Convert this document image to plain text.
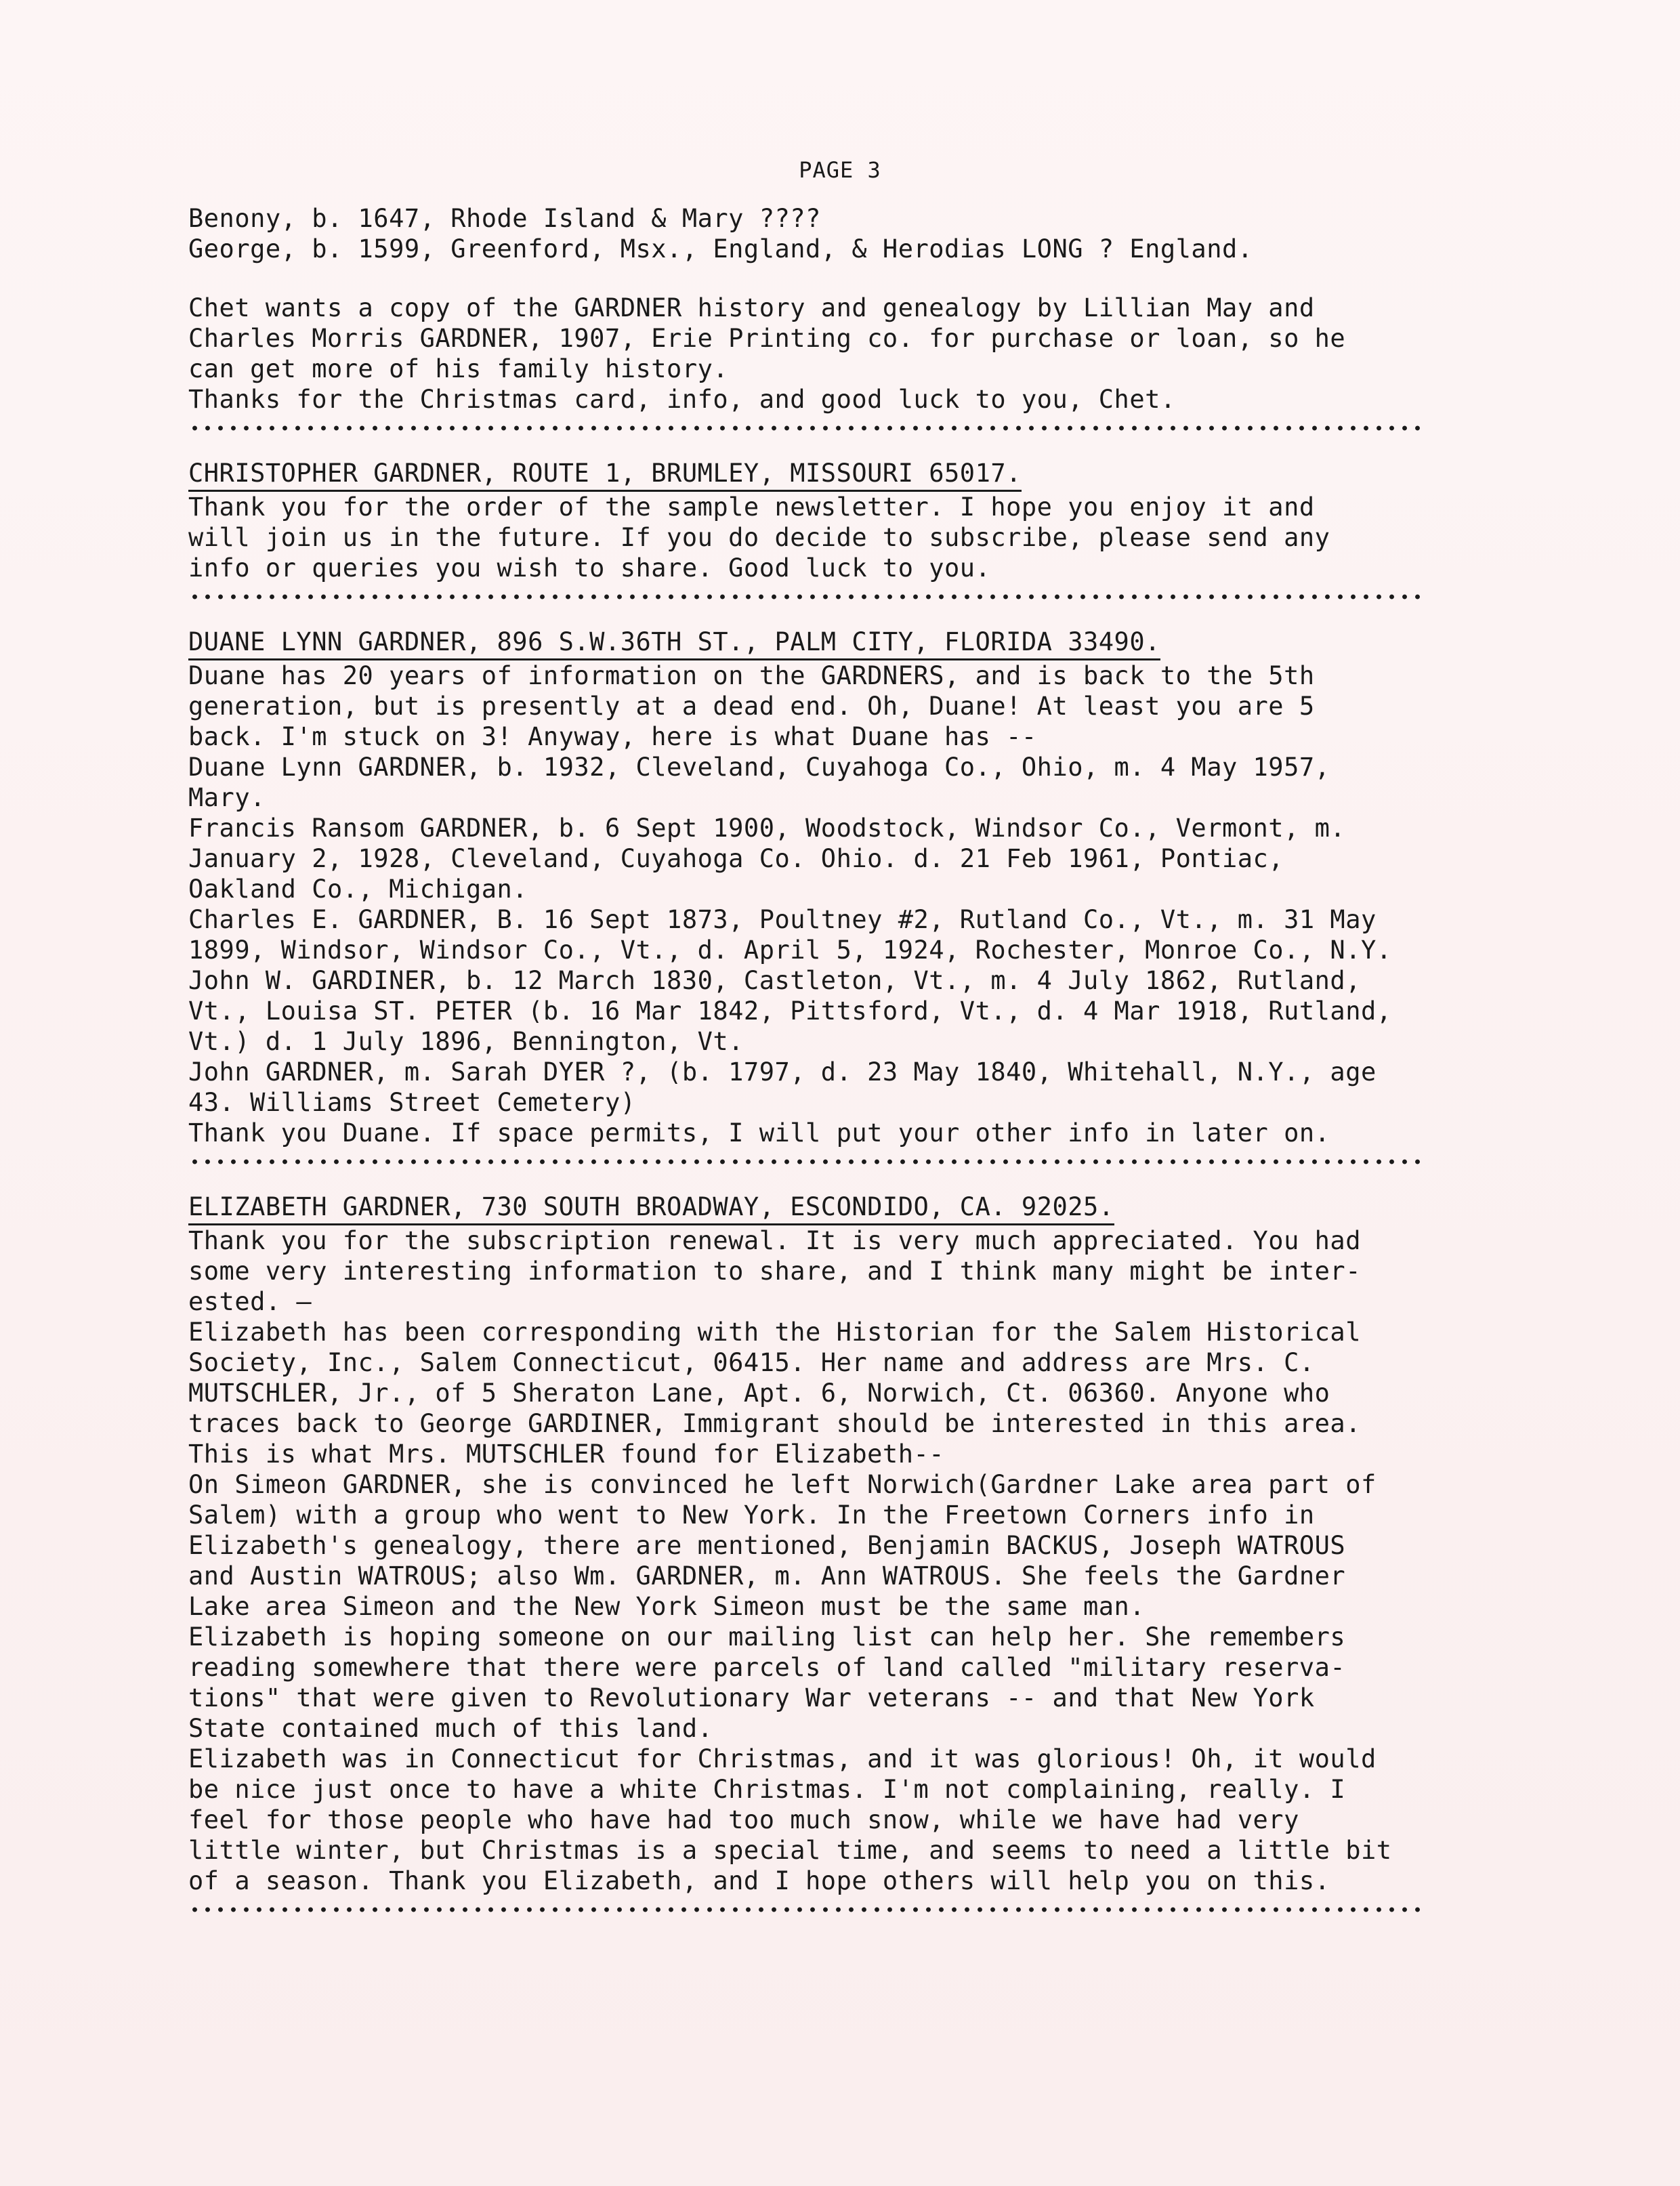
PAGE 3

Benony, b. 1647, Rhode Island & Mary ????

George, b. 1599, Greenford, Msx., England, & Herodias LONG ? England.

Chet wants a copy of the GARDNER history and genealogy by Lillian May and

Charles Morris GARDNER, 1907, Erie Printing co. for purchase or loan, so he

can get more of his family history.

Thanks for the Christmas card, info, and good luck to you, Chet.

CHRISTOPHER GARDNER, ROUTE 1, BRUMLEY, MISSOURI 65017.

Thank you for the order of the sample newsletter. I hope you enjoy it and

will join us in the future. If you do decide to subscribe, please send any

info or queries you wish to share. Good luck to you.

DUANE LYNN GARDNER, 896 S.W.36TH ST., PALM CITY, FLORIDA 33490.

Duane has 20 years of information on the GARDNERS, and is back to the 5th

generation, but is presently at a dead end. Oh, Duane! At least you are 5

back. I'm stuck on 3! Anyway, here is what Duane has --

Duane Lynn GARDNER, b. 1932, Cleveland, Cuyahoga Co., Ohio, m. 4 May 1957,

Mary.

Francis Ransom GARDNER, b. 6 Sept 1900, Woodstock, Windsor Co., Vermont, m.

January 2, 1928, Cleveland, Cuyahoga Co. Ohio. d. 21 Feb 1961, Pontiac,

Oakland Co., Michigan.

Charles E. GARDNER, B. 16 Sept 1873, Poultney #2, Rutland Co., Vt., m. 31 May

1899, Windsor, Windsor Co., Vt., d. April 5, 1924, Rochester, Monroe Co., N.Y.

John W. GARDINER, b. 12 March 1830, Castleton, Vt., m. 4 July 1862, Rutland,

Vt., Louisa ST. PETER (b. 16 Mar 1842, Pittsford, Vt., d. 4 Mar 1918, Rutland,

Vt.) d. 1 July 1896, Bennington, Vt.

John GARDNER, m. Sarah DYER ?, (b. 1797, d. 23 May 1840, Whitehall, N.Y., age

43. Williams Street Cemetery)

Thank you Duane. If space permits, I will put your other info in later on.

ELIZABETH GARDNER, 730 SOUTH BROADWAY, ESCONDIDO, CA. 92025.

Thank you for the subscription renewal. It is very much appreciated. You had

some very interesting information to share, and I think many might be inter-

ested. —

Elizabeth has been corresponding with the Historian for the Salem Historical

Society, Inc., Salem Connecticut, 06415. Her name and address are Mrs. C.

MUTSCHLER, Jr., of 5 Sheraton Lane, Apt. 6, Norwich, Ct. 06360. Anyone who

traces back to George GARDINER, Immigrant should be interested in this area.

This is what Mrs. MUTSCHLER found for Elizabeth--

On Simeon GARDNER, she is convinced he left Norwich(Gardner Lake area part of

Salem) with a group who went to New York. In the Freetown Corners info in

Elizabeth's genealogy, there are mentioned, Benjamin BACKUS, Joseph WATROUS

and Austin WATROUS; also Wm. GARDNER, m. Ann WATROUS. She feels the Gardner

Lake area Simeon and the New York Simeon must be the same man.

Elizabeth is hoping someone on our mailing list can help her. She remembers

reading somewhere that there were parcels of land called "military reserva-

tions" that were given to Revolutionary War veterans -- and that New York

State contained much of this land.

Elizabeth was in Connecticut for Christmas, and it was glorious! Oh, it would

be nice just once to have a white Christmas. I'm not complaining, really. I

feel for those people who have had too much snow, while we have had very

little winter, but Christmas is a special time, and seems to need a little bit

of a season. Thank you Elizabeth, and I hope others will help you on this.
